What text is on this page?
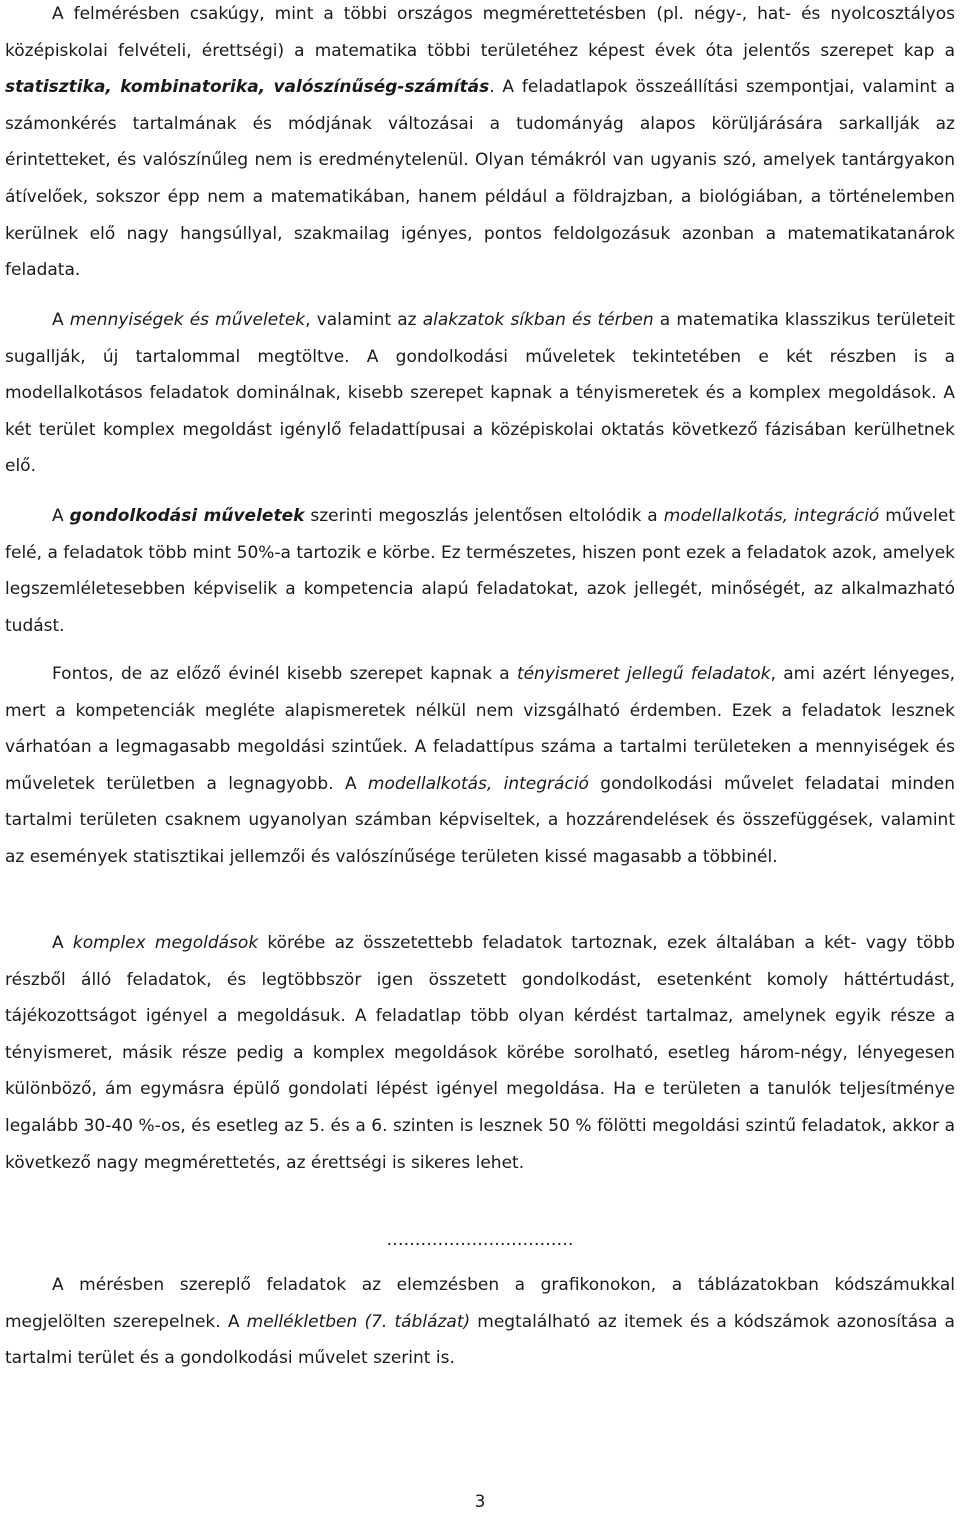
A felmérésben csakúgy, mint a többi országos megmérettetésben (pl. négy-, hat- és nyolcosztályos középiskolai felvételi, érettségi) a matematika többi területéhez képest évek óta jelentős szerepet kap a statisztika, kombinatorika, valószínűség-számítás. A feladatlapok összeállítási szempontjai, valamint a számonkérés tartalmának és módjának változásai a tudományág alapos körüljárására sarkallják az érintetteket, és valószínűleg nem is eredménytelenül. Olyan témákról van ugyanis szó, amelyek tantárgyakon átívelőek, sokszor épp nem a matematikában, hanem például a földrajzban, a biológiában, a történelemben kerülnek elő nagy hangsúllyal, szakmailag igényes, pontos feldolgozásuk azonban a matematikatanárok feladata.

A mennyiségek és műveletek, valamint az alakzatok síkban és térben a matematika klasszikus területeit sugallják, új tartalommal megtöltve. A gondolkodási műveletek tekintetében e két részben is a modellalkotásos feladatok dominálnak, kisebb szerepet kapnak a tényismeretek és a komplex megoldások. A két terület komplex megoldást igénylő feladattípusai a középiskolai oktatás következő fázisában kerülhetnek elő.

A gondolkodási műveletek szerinti megoszlás jelentősen eltolódik a modellalkotás, integráció művelet felé, a feladatok több mint 50%-a tartozik e körbe. Ez természetes, hiszen pont ezek a feladatok azok, amelyek legszemléletesebben képviselik a kompetencia alapú feladatokat, azok jellegét, minőségét, az alkalmazható tudást.

Fontos, de az előző évinél kisebb szerepet kapnak a tényismeret jellegű feladatok, ami azért lényeges, mert a kompetenciák megléte alapismeretek nélkül nem vizsgálható érdemben. Ezek a feladatok lesznek várhatóan a legmagasabb megoldási szintűek. A feladattípus száma a tartalmi területeken a mennyiségek és műveletek területben a legnagyobb. A modellalkotás, integráció gondolkodási művelet feladatai minden tartalmi területen csaknem ugyanolyan számban képviseltek, a hozzárendelések és összefüggések, valamint az események statisztikai jellemzői és valószínűsége területen kissé magasabb a többinél.

A komplex megoldások körébe az összetettebb feladatok tartoznak, ezek általában a két- vagy több részből álló feladatok, és legtöbbször igen összetett gondolkodást, esetenként komoly háttértudást, tájékozottságot igényel a megoldásuk. A feladatlap több olyan kérdést tartalmaz, amelynek egyik része a tényismeret, másik része pedig a komplex megoldások körébe sorolható, esetleg három-négy, lényegesen különböző, ám egymásra épülő gondolati lépést igényel megoldása. Ha e területen a tanulók teljesítménye legalább 30-40 %-os, és esetleg az 5. és a 6. szinten is lesznek 50 % fölötti megoldási szintű feladatok, akkor a következő nagy megmérettetés, az érettségi is sikeres lehet.

……………………………

A mérésben szereplő feladatok az elemzésben a grafikonokon, a táblázatokban kódszámukkal megjelölten szerepelnek. A mellékletben (7. táblázat) megtalálható az itemek és a kódszámok azonosítása a tartalmi terület és a gondolkodási művelet szerint is.

3
